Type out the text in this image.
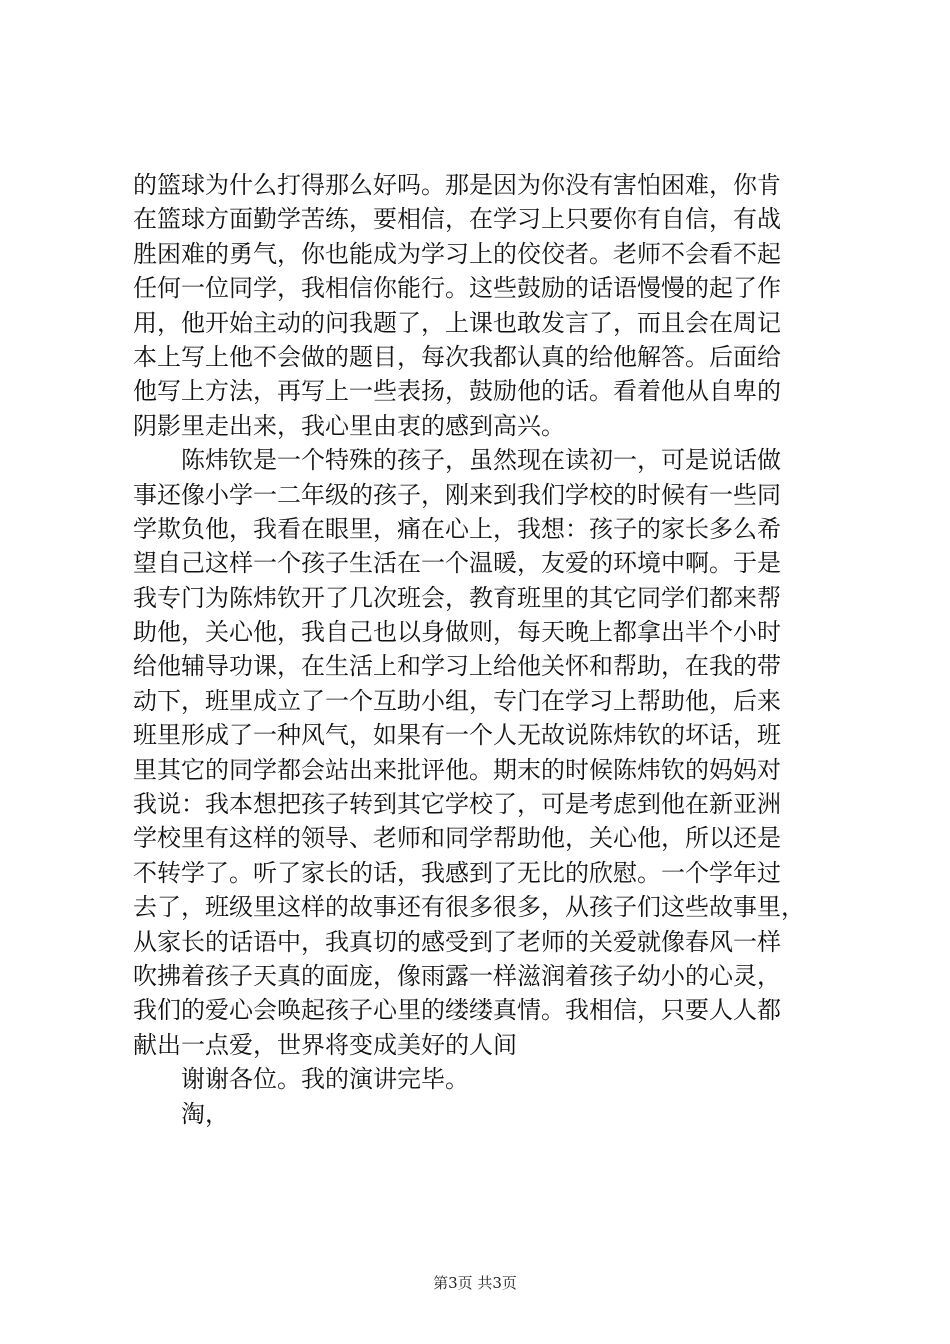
的篮球为什么打得那么好吗。那是因为你没有害怕困难，你肯
在篮球方面勤学苦练，要相信，在学习上只要你有自信，有战
胜困难的勇气，你也能成为学习上的佼佼者。老师不会看不起
任何一位同学，我相信你能行。这些鼓励的话语慢慢的起了作
用，他开始主动的问我题了，上课也敢发言了，而且会在周记
本上写上他不会做的题目，每次我都认真的给他解答。后面给
他写上方法，再写上一些表扬，鼓励他的话。看着他从自卑的
阴影里走出来，我心里由衷的感到高兴。
陈炜钦是一个特殊的孩子，虽然现在读初一，可是说话做
事还像小学一二年级的孩子，刚来到我们学校的时候有一些同
学欺负他，我看在眼里，痛在心上，我想：孩子的家长多么希
望自己这样一个孩子生活在一个温暖，友爱的环境中啊。于是
我专门为陈炜钦开了几次班会，教育班里的其它同学们都来帮
助他，关心他，我自己也以身做则，每天晚上都拿出半个小时
给他辅导功课，在生活上和学习上给他关怀和帮助，在我的带
动下，班里成立了一个互助小组，专门在学习上帮助他，后来
班里形成了一种风气，如果有一个人无故说陈炜钦的坏话，班
里其它的同学都会站出来批评他。期末的时候陈炜钦的妈妈对
我说：我本想把孩子转到其它学校了，可是考虑到他在新亚洲
学校里有这样的领导、老师和同学帮助他，关心他，所以还是
不转学了。听了家长的话，我感到了无比的欣慰。一个学年过
去了，班级里这样的故事还有很多很多，从孩子们这些故事里，
从家长的话语中，我真切的感受到了老师的关爱就像春风一样
吹拂着孩子天真的面庞，像雨露一样滋润着孩子幼小的心灵，
我们的爱心会唤起孩子心里的缕缕真情。我相信，只要人人都
献出一点爱，世界将变成美好的人间
谢谢各位。我的演讲完毕。
淘，
第3页 共3页
